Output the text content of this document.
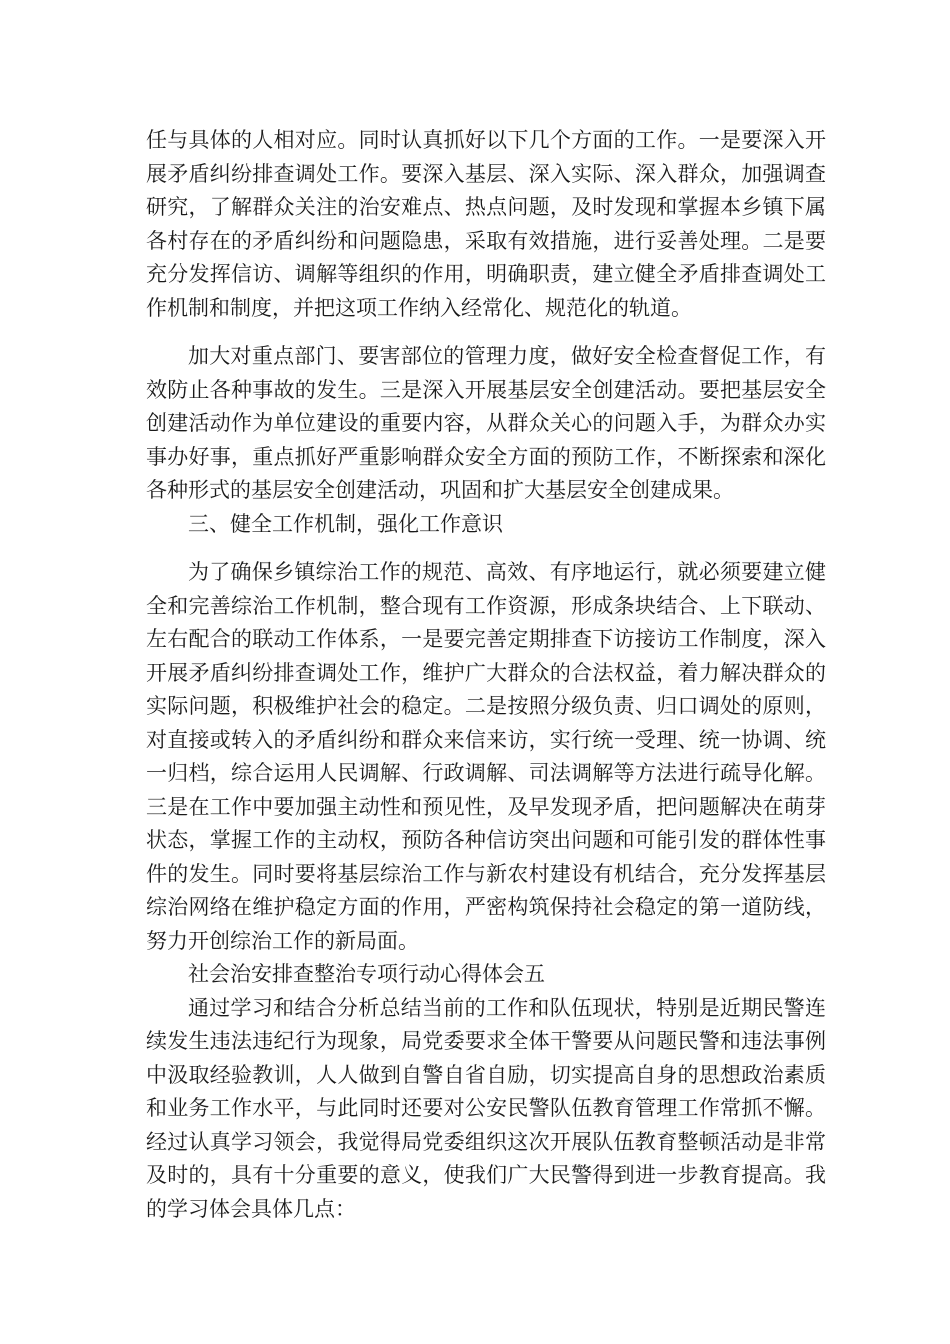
任与具体的人相对应。同时认真抓好以下几个方面的工作。一是要深入开展矛盾纠纷排查调处工作。要深入基层、深入实际、深入群众，加强调查研究，了解群众关注的治安难点、热点问题，及时发现和掌握本乡镇下属各村存在的矛盾纠纷和问题隐患，采取有效措施，进行妥善处理。二是要充分发挥信访、调解等组织的作用，明确职责，建立健全矛盾排查调处工作机制和制度，并把这项工作纳入经常化、规范化的轨道。

加大对重点部门、要害部位的管理力度，做好安全检查督促工作，有效防止各种事故的发生。三是深入开展基层安全创建活动。要把基层安全创建活动作为单位建设的重要内容，从群众关心的问题入手，为群众办实事办好事，重点抓好严重影响群众安全方面的预防工作，不断探索和深化各种形式的基层安全创建活动，巩固和扩大基层安全创建成果。

三、健全工作机制，强化工作意识

为了确保乡镇综治工作的规范、高效、有序地运行，就必须要建立健全和完善综治工作机制，整合现有工作资源，形成条块结合、上下联动、左右配合的联动工作体系，一是要完善定期排查下访接访工作制度，深入开展矛盾纠纷排查调处工作，维护广大群众的合法权益，着力解决群众的实际问题，积极维护社会的稳定。二是按照分级负责、归口调处的原则，对直接或转入的矛盾纠纷和群众来信来访，实行统一受理、统一协调、统一归档，综合运用人民调解、行政调解、司法调解等方法进行疏导化解。三是在工作中要加强主动性和预见性，及早发现矛盾，把问题解决在萌芽状态，掌握工作的主动权，预防各种信访突出问题和可能引发的群体性事件的发生。同时要将基层综治工作与新农村建设有机结合，充分发挥基层综治网络在维护稳定方面的作用，严密构筑保持社会稳定的第一道防线，努力开创综治工作的新局面。

社会治安排查整治专项行动心得体会五

通过学习和结合分析总结当前的工作和队伍现状，特别是近期民警连续发生违法违纪行为现象，局党委要求全体干警要从问题民警和违法事例中汲取经验教训，人人做到自警自省自励，切实提高自身的思想政治素质和业务工作水平，与此同时还要对公安民警队伍教育管理工作常抓不懈。经过认真学习领会，我觉得局党委组织这次开展队伍教育整顿活动是非常及时的，具有十分重要的意义，使我们广大民警得到进一步教育提高。我的学习体会具体几点：
